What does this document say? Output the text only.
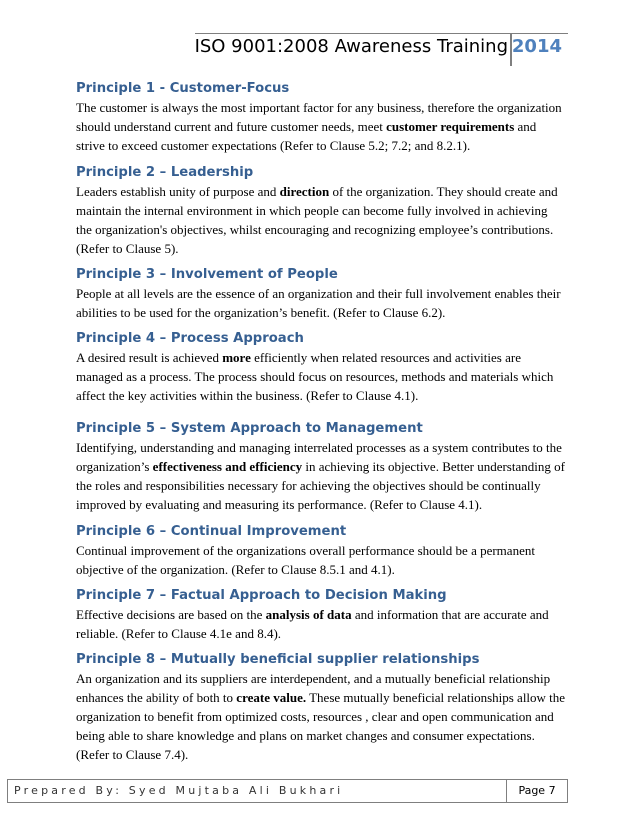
ISO 9001:2008 Awareness Training 2014
Principle 1 - Customer-Focus
The customer is always the most important factor for any business, therefore the organization should understand current and future customer needs, meet customer requirements and strive to exceed customer expectations (Refer to Clause 5.2; 7.2; and 8.2.1).
Principle 2 – Leadership
Leaders establish unity of purpose and direction of the organization. They should create and maintain the internal environment in which people can become fully involved in achieving the organization's objectives, whilst encouraging and recognizing employee’s contributions. (Refer to Clause 5).
Principle 3 – Involvement of People
People at all levels are the essence of an organization and their full involvement enables their abilities to be used for the organization’s benefit. (Refer to Clause 6.2).
Principle 4 – Process Approach
A desired result is achieved more efficiently when related resources and activities are managed as a process. The process should focus on resources, methods and materials which affect the key activities within the business. (Refer to Clause 4.1).
Principle 5 – System Approach to Management
Identifying, understanding and managing interrelated processes as a system contributes to the organization’s effectiveness and efficiency in achieving its objective. Better understanding of the roles and responsibilities necessary for achieving the objectives should be continually improved by evaluating and measuring its performance. (Refer to Clause 4.1).
Principle 6 – Continual Improvement
Continual improvement of the organizations overall performance should be a permanent objective of the organization. (Refer to Clause 8.5.1 and 4.1).
Principle 7 – Factual Approach to Decision Making
Effective decisions are based on the analysis of data and information that are accurate and reliable. (Refer to Clause 4.1e and 8.4).
Principle 8 – Mutually beneficial supplier relationships
An organization and its suppliers are interdependent, and a mutually beneficial relationship enhances the ability of both to create value. These mutually beneficial relationships allow the organization to benefit from optimized costs, resources , clear and open communication and being able to share knowledge and plans on market changes and consumer expectations. (Refer to Clause 7.4).
Prepared By: Syed Mujtaba Ali Bukhari	Page 7
